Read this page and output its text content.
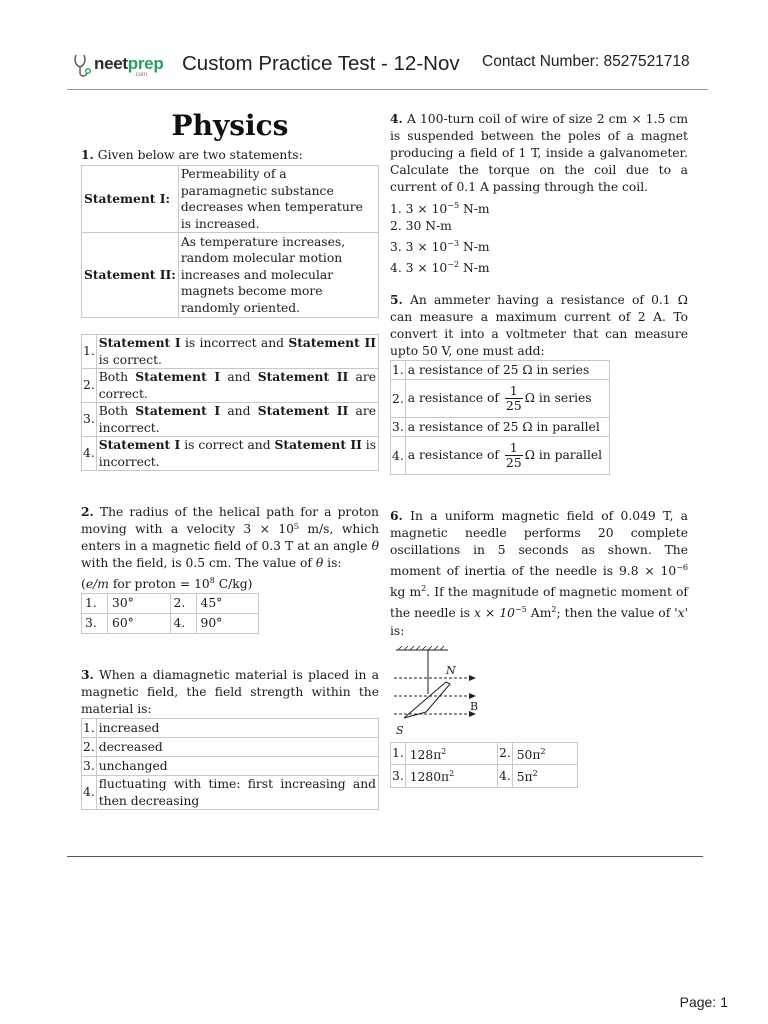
neetprep
.com Custom Practice Test - 12-Nov Contact Number: 8527521718
Physics
1. Given below are two statements:
Statement I:	Permeability of a paramagnetic substance decreases when temperature is increased.
Statement II:	As temperature increases, random molecular motion increases and molecular magnets become more randomly oriented.
1.	Statement I is incorrect and Statement II is correct.
2.	Both Statement I and Statement II are correct.
3.	Both Statement I and Statement II are incorrect.
4.	Statement I is correct and Statement II is incorrect.
2. The radius of the helical path for a proton moving with a velocity 3 × 10⁵ m/s, which enters in a magnetic field of 0.3 T at an angle θ with the field, is 0.5 cm. The value of θ is:
(e/m for proton = $10^8$ C/kg)
1.	30°	2.	45°
3.	60°	4.	90°
3. When a diamagnetic material is placed in a magnetic field, the field strength within the material is:
1.	increased
2.	decreased
3.	unchanged
4.	fluctuating with time: first increasing and then decreasing
4. A 100-turn coil of wire of size 2 cm × 1.5 cm is suspended between the poles of a magnet producing a field of 1 T, inside a galvanometer. Calculate the torque on the coil due to a current of 0.1 A passing through the coil.
1. $3 \times 10^{-5}$ N-m
2. 30 N-m
3. $3 \times 10^{-3}$ N-m
4. $3 \times 10^{-2}$ N-m
5. An ammeter having a resistance of 0.1 Ω can measure a maximum current of 2 A. To convert it into a voltmeter that can measure upto 50 V, one must add:
1.	a resistance of 25 Ω in series
2.	a resistance of $\frac{1}{25}$ Ω in series
3.	a resistance of 25 Ω in parallel
4.	a resistance of $\frac{1}{25}$ Ω in parallel
6. In a uniform magnetic field of 0.049 T, a magnetic needle performs 20 complete oscillations in 5 seconds as shown. The moment of inertia of the needle is $9.8 \times 10^{-6}$ kg $m^2$. If the magnitude of magnetic moment of the needle is $x \times 10^{-5}$ Am$^2$; then the value of 'x' is:
N
S
B
1.	$128\pi^2$	2.	$50\pi^2$
3.	$1280\pi^2$	4.	$5\pi^2$
Page: 1
